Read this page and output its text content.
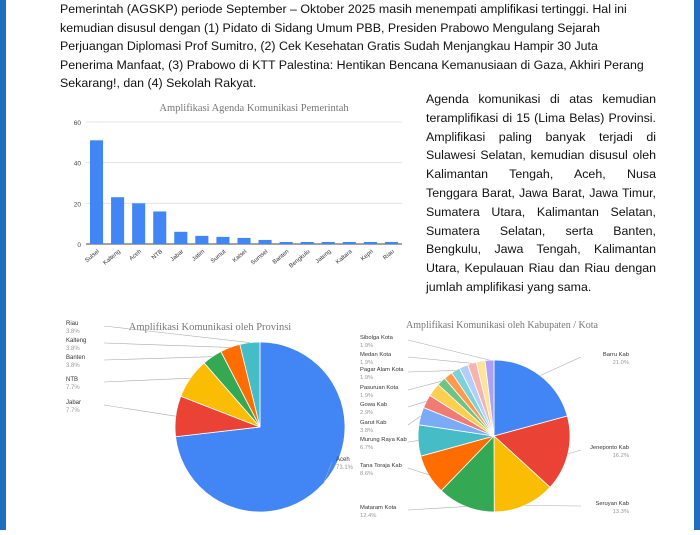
Pemerintah (AGSKP) periode September – Oktober 2025 masih menempati amplifikasi tertinggi. Hal ini

kemudian disusul dengan (1) Pidato di Sidang Umum PBB, Presiden Prabowo Mengulang Sejarah

Perjuangan Diplomasi Prof Sumitro, (2) Cek Kesehatan Gratis Sudah Menjangkau Hampir 30 Juta

Penerima Manfaat, (3) Prabowo di KTT Palestina: Hentikan Bencana Kemanusiaan di Gaza, Akhiri Perang

Sekarang!, dan (4) Sekolah Rakyat.

Amplifikasi Agenda Komunikasi Pemerintah
0
20
40
60
Sulsel Kalteng Aceh NTB Jabar Jatim Sumut Kalsel Sumsel Banten
Bengkulu Jateng Kaltara Kepri Riau

Agenda komunikasi di atas kemudian teramplifikasi di 15 (Lima Belas) Provinsi. Amplifikasi paling banyak terjadi di Sulawesi Selatan, kemudian disusul oleh Kalimantan Tengah, Aceh, Nusa Tenggara Barat, Jawa Barat, Jawa Timur, Sumatera Utara, Kalimantan Selatan, Sumatera Selatan, serta Banten, Bengkulu, Jawa Tengah, Kalimantan Utara, Kepulauan Riau dan Riau dengan jumlah amplifikasi yang sama.

Amplifikasi Komunikasi oleh Provinsi
Aceh
73.1%
Jabar
7.7%
NTB
7.7%
Banten
3.8%
Kalteng
3.8%
Riau
3.8%
Amplifikasi Komunikasi oleh Kabupaten / Kota
Barru Kab
21.0%
Jeneponto Kab
16.2%
Seruyan Kab
13.3%
Mataram Kota
12.4%
Tana Toraja Kab
8.6%
Murung Raya Kab
6.7%
Garut Kab
3.8%
Gowa Kab
2.9%
Pasuruan Kota
1.9%
Pagar Alam Kota
1.9%
Medan Kota
1.9%
Sibolga Kota
1.9%
